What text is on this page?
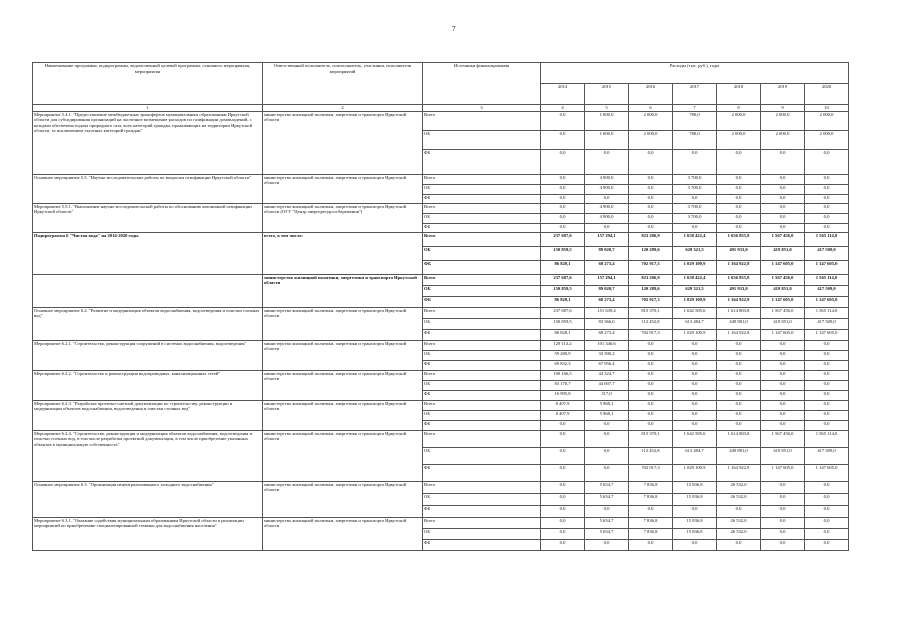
7
Наименование программы, подпрограммы, ведомственной целевой программы, основного мероприятия, мероприятия	Ответственный исполнитель, соисполнитель, участники, исполнители мероприятий	Источники финансирования	Расходы (тыс. руб.), годы						
			2014	2015	2016	2017	2018	2019	2020
1	2	3	4	5	6	7	8	9	10
Мероприятие 5.4.1. "Предоставление межбюджетных трансфертов муниципальным образованиям Иркутской области для субсидирования организаций на частичное возмещение расходов по газификации домовладений, с которым обеспечена подача природного газа, всех категорий граждан, проживающих на территории Иркутской области, за исключением льготных категорий граждан"	министерство жилищной политики, энергетики и транспорта Иркутской области	Всего	0,0	1 000,0	2 000,0	780,0	2 000,0	2 000,0	2 000,0
		ОБ	0,0	1 000,0	2 000,0	780,0	2 000,0	2 000,0	2 000,0
		ФБ	0,0	0,0	0,0	0,0	0,0	0,0	0,0
Основное мероприятие 5.5. "Научно-исследовательские работы по вопросам газификации Иркутской области"	министерство жилищной политики, энергетики и транспорта Иркутской области	Всего	0,0	4 900,0	0,0	3 700,0	0,0	0,0	0,0
		ОБ	0,0	4 900,0	0,0	3 700,0	0,0	0,0	0,0
		ФБ	0,0	0,0	0,0	0,0	0,0	0,0	0,0
Мероприятие 5.5.1. "Выполнение научно-исследовательской работы по обоснованию автономной газификации Иркутской области"	министерство жилищной политики, энергетики и транспорта Иркутской области (ОГУ "Центр энергоресурсосбережения")	Всего	0,0	4 900,0	0,0	3 700,0	0,0	0,0	0,0
		ОБ	0,0	4 900,0	0,0	3 700,0	0,0	0,0	0,0
		ФБ	0,0	0,0	0,0	0,0	0,0	0,0	0,0
Подпрограмма 6 "Чистая вода" на 2014-2020 годы	всего, в том числе:	Всего	237 687,6	157 294,1	823 206,9	1 658 422,4	1 656 855,8	1 567 456,0	1 565 114,0
		ОБ	150 859,5	89 020,7	120 289,6	629 321,5	491 933,0	419 851,0	417 509,0
		ФБ	86 828,1	68 273,4	702 917,3	1 029 100,9	1 164 922,8	1 147 605,0	1 147 605,0
	министерство жилищной политики, энергетики и транспорта Иркутской области	Всего	237 687,6	157 294,1	823 206,9	1 658 422,4	1 656 855,8	1 567 456,0	1 565 114,0
		ОБ	150 859,5	89 020,7	120 289,6	629 321,5	491 933,0	419 851,0	417 509,0
		ФБ	86 828,1	68 273,4	702 917,3	1 029 100,9	1 164 922,8	1 147 605,0	1 147 605,0
Основное мероприятие 6.2. "Развитие и модернизация объектов водоснабжения, водоотведения и очистки сточных вод"	министерство жилищной политики, энергетики и транспорта Иркутской области	Всего	237 687,6	151 639,4	815 370,1	1 642 585,6	1 614 803,8	1 567 456,0	1 565 114,0
		ОБ	150 859,5	83 366,0	112 452,8	613 484,7	449 881,0	419 851,0	417 509,0
		ФБ	86 828,1	68 273,4	702 917,3	1 029 100,9	1 164 922,8	1 147 605,0	1 147 605,0
Мероприятие 6.2.1. "Строительство, реконструкция сооружений в системах водоснабжения, водоотведения"	министерство жилищной политики, энергетики и транспорта Иркутской области	Всего	129 113,2	101 346,6	0,0	0,0	0,0	0,0	0,0
		ОБ	59 280,9	33 390,2	0,0	0,0	0,0	0,0	0,0
		ФБ	69 832,3	67 956,4	0,0	0,0	0,0	0,0	0,0
Мероприятие 6.2.2. "Строительство и реконструкция водопроводных, канализационных сетей"	министерство жилищной политики, энергетики и транспорта Иркутской области	Всего	100 166,5	44 324,7	0,0	0,0	0,0	0,0	0,0
		ОБ	83 170,7	44 007,7	0,0	0,0	0,0	0,0	0,0
		ФБ	16 995,8	317,0	0,0	0,0	0,0	0,0	0,0
Мероприятие 6.2.3. "Разработка проектно-сметной документации по строительству, реконструкции и модернизации объектов водоснабжения, водоотведения и очистки сточных вод"	министерство жилищной политики, энергетики и транспорта Иркутской области	Всего	8 407,9	5 968,1	0,0	0,0	0,0	0,0	0,0
		ОБ	8 407,9	5 968,1	0,0	0,0	0,0	0,0	0,0
		ФБ	0,0	0,0	0,0	0,0	0,0	0,0	0,0
Мероприятие 6.2.4. "Строительство, реконструкция и модернизация объектов водоснабжения, водоотведения и очистки сточных вод, в том числе разработка проектной документации, в том числе приобретение указанных объектов в муниципальную собственность"	министерство жилищной политики, энергетики и транспорта Иркутской области	Всего	0,0	0,0	815 370,1	1 642 585,6	1 614 803,8	1 567 456,0	1 565 114,0
		ОБ	0,0	0,0	112 452,8	613 484,7	449 881,0	419 851,0	417 509,0
		ФБ	0,0	0,0	702 917,3	1 029 100,9	1 164 922,8	1 147 605,0	1 147 605,0
Основное мероприятие 6.3. "Организация нецентрализованного холодного водоснабжения"	министерство жилищной политики, энергетики и транспорта Иркутской области	Всего	0,0	5 654,7	7 836,8	15 836,8	26 532,0	0,0	0,0
		ОБ	0,0	5 654,7	7 836,8	15 836,8	26 532,0	0,0	0,0
		ФБ	0,0	0,0	0,0	0,0	0,0	0,0	0,0
Мероприятие 6.3.1. "Оказание содействия муниципальным образованиям Иркутской области в реализации мероприятий по приобретению специализированной техники для водоснабжения населения"	министерство жилищной политики, энергетики и транспорта Иркутской области	Всего	0,0	5 654,7	7 836,8	15 836,8	26 532,0	0,0	0,0
		ОБ	0,0	5 654,7	7 836,8	15 836,8	26 532,0	0,0	0,0
		ФБ	0,0	0,0	0,0	0,0	0,0	0,0	0,0
